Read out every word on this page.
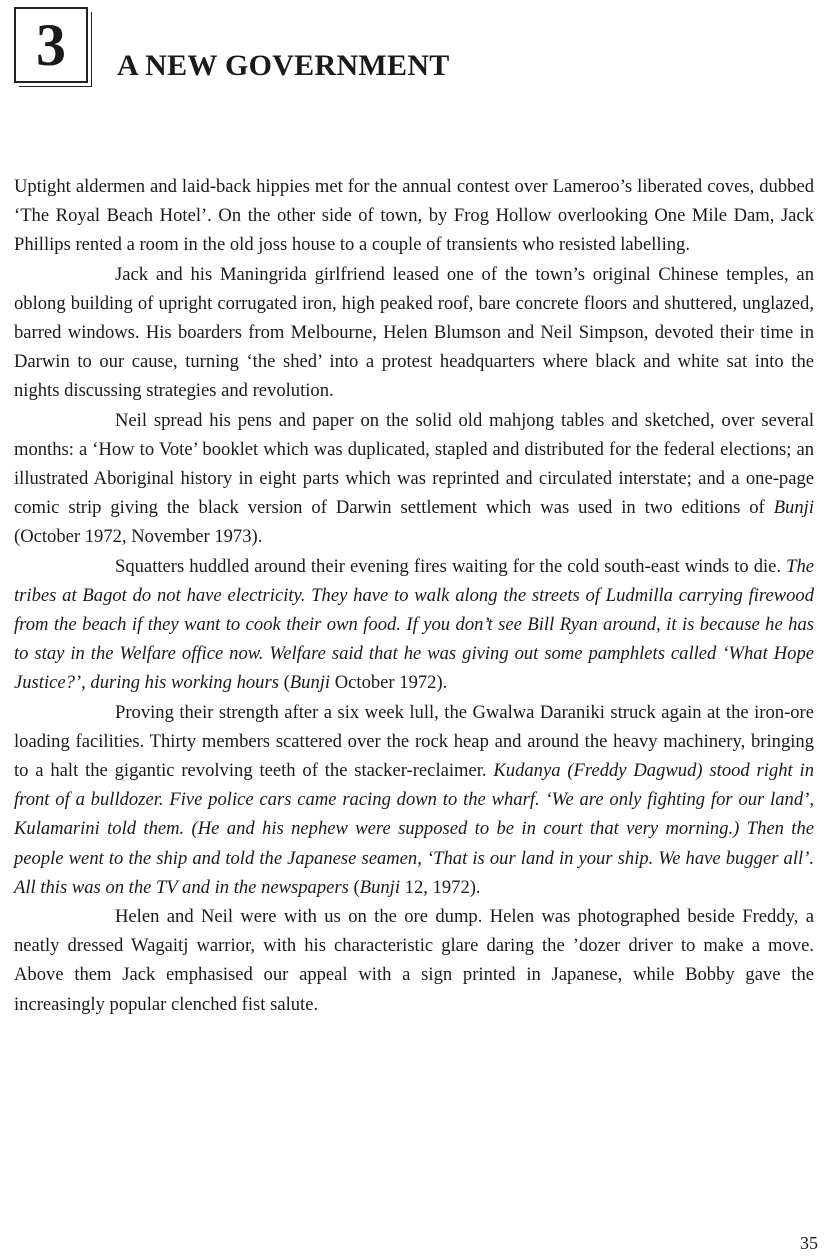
3	A NEW GOVERNMENT

Uptight aldermen and laid-back hippies met for the annual contest over Lameroo’s liberated coves, dubbed ‘The Royal Beach Hotel’. On the other side of town, by Frog Hollow overlooking One Mile Dam, Jack Phillips rented a room in the old joss house to a couple of transients who resisted labelling.

Jack and his Maningrida girlfriend leased one of the town’s original Chinese temples, an oblong building of upright corrugated iron, high peaked roof, bare concrete floors and shuttered, unglazed, barred windows. His boarders from Melbourne, Helen Blumson and Neil Simpson, devoted their time in Darwin to our cause, turning ‘the shed’ into a protest headquarters where black and white sat into the nights discussing strategies and revolution.

Neil spread his pens and paper on the solid old mahjong tables and sketched, over several months: a ‘How to Vote’ booklet which was duplicated, stapled and distributed for the federal elections; an illustrated Aboriginal history in eight parts which was reprinted and circulated interstate; and a one-page comic strip giving the black version of Darwin settlement which was used in two editions of Bunji (October 1972, November 1973).

Squatters huddled around their evening fires waiting for the cold south-east winds to die. The tribes at Bagot do not have electricity. They have to walk along the streets of Ludmilla carrying firewood from the beach if they want to cook their own food. If you don’t see Bill Ryan around, it is because he has to stay in the Welfare office now. Welfare said that he was giving out some pamphlets called ‘What Hope Justice?’, during his working hours (Bunji October 1972).

Proving their strength after a six week lull, the Gwalwa Daraniki struck again at the iron-ore loading facilities. Thirty members scattered over the rock heap and around the heavy machinery, bringing to a halt the gigantic revolving teeth of the stacker-reclaimer. Kudanya (Freddy Dagwud) stood right in front of a bulldozer. Five police cars came racing down to the wharf. ‘We are only fighting for our land’, Kulamarini told them. (He and his nephew were supposed to be in court that very morning.) Then the people went to the ship and told the Japanese seamen, ‘That is our land in your ship. We have bugger all’. All this was on the TV and in the newspapers (Bunji 12, 1972).

Helen and Neil were with us on the ore dump. Helen was photographed beside Freddy, a neatly dressed Wagaitj warrior, with his characteristic glare daring the ’dozer driver to make a move. Above them Jack emphasised our appeal with a sign printed in Japanese, while Bobby gave the increasingly popular clenched fist salute.

35
